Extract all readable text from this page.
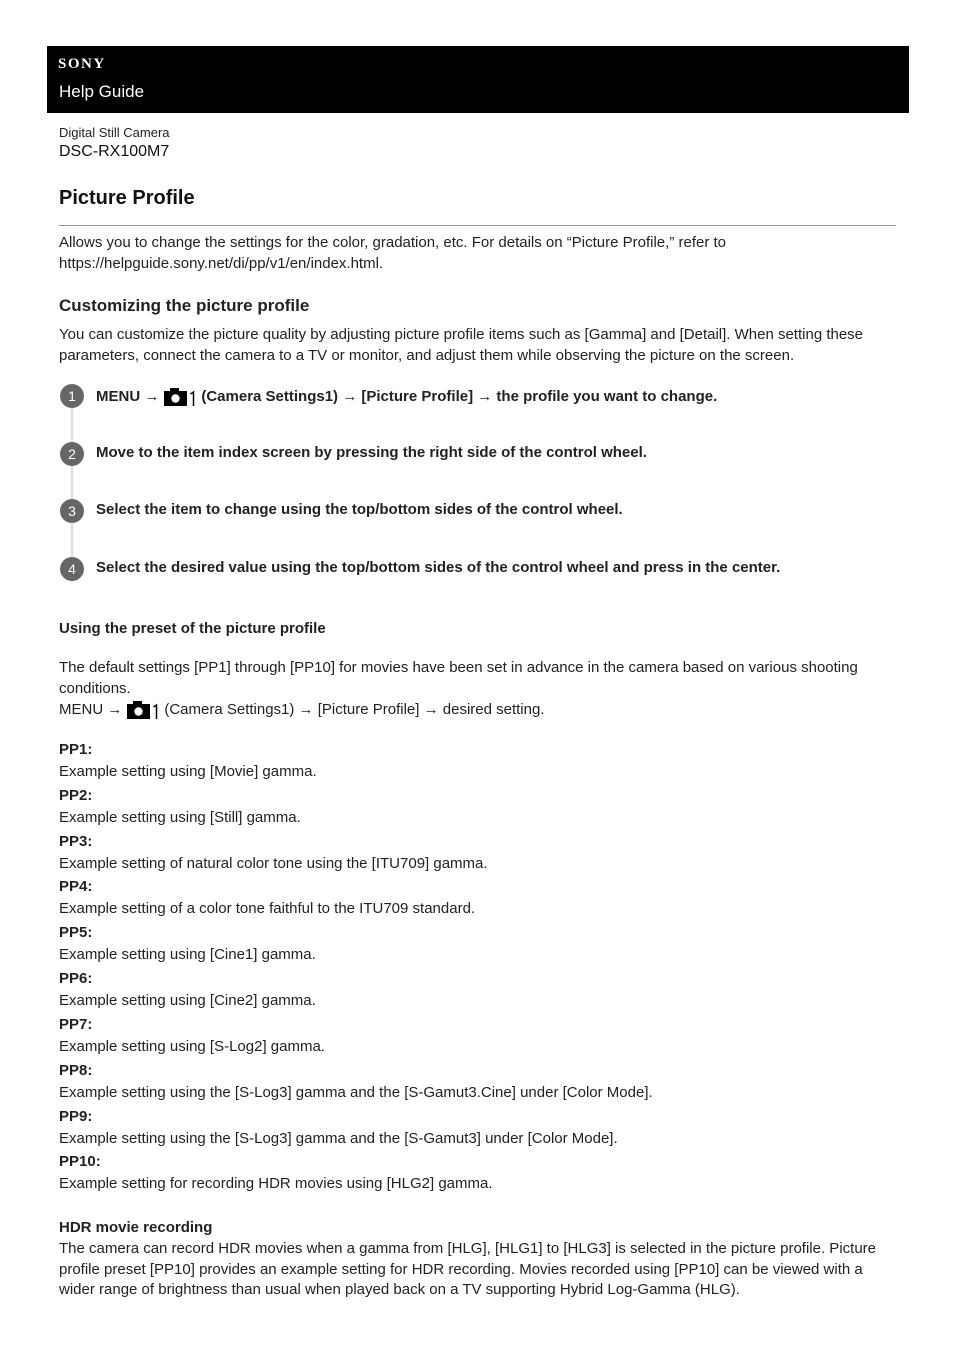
SONY
Help Guide
Digital Still Camera
DSC-RX100M7
Picture Profile

Allows you to change the settings for the color, gradation, etc. For details on “Picture Profile,” refer to https://helpguide.sony.net/di/pp/v1/en/index.html.

Customizing the picture profile

You can customize the picture quality by adjusting picture profile items such as [Gamma] and [Detail]. When setting these parameters, connect the camera to a TV or monitor, and adjust them while observing the picture on the screen.

1	MENU →	(Camera Settings1) → [Picture Profile] → the profile you want to change.
2	Move to the item index screen by pressing the right side of the control wheel.
3	Select the item to change using the top/bottom sides of the control wheel.
4	Select the desired value using the top/bottom sides of the control wheel and press in the center.
Using the preset of the picture profile

The default settings [PP1] through [PP10] for movies have been set in advance in the camera based on various shooting conditions.

MENU →	(Camera Settings1) → [Picture Profile] → desired setting.

PP1:
Example setting using [Movie] gamma.
PP2:
Example setting using [Still] gamma.
PP3:
Example setting of natural color tone using the [ITU709] gamma.
PP4:
Example setting of a color tone faithful to the ITU709 standard.
PP5:
Example setting using [Cine1] gamma.
PP6:
Example setting using [Cine2] gamma.
PP7:
Example setting using [S-Log2] gamma.
PP8:
Example setting using the [S-Log3] gamma and the [S-Gamut3.Cine] under [Color Mode].
PP9:
Example setting using the [S-Log3] gamma and the [S-Gamut3] under [Color Mode].
PP10:
Example setting for recording HDR movies using [HLG2] gamma.
HDR movie recording

The camera can record HDR movies when a gamma from [HLG], [HLG1] to [HLG3] is selected in the picture profile. Picture profile preset [PP10] provides an example setting for HDR recording. Movies recorded using [PP10] can be viewed with a wider range of brightness than usual when played back on a TV supporting Hybrid Log-Gamma (HLG).
